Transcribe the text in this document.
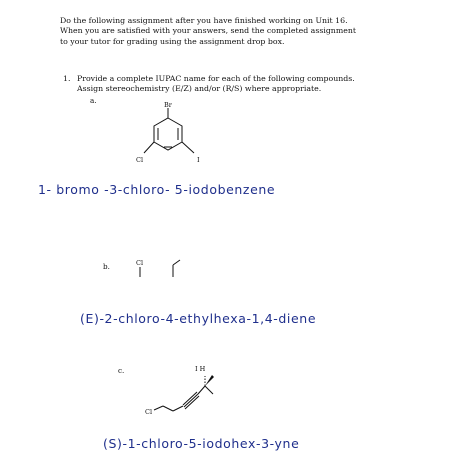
Do the following assignment after you have finished working on Unit 16.
When you are satisfied with your answers, send the completed assignment
to your tutor for grading using the assignment drop box.

1. Provide a complete IUPAC name for each of the following compounds.
Assign stereochemistry (E/Z) and/or (R/S) where appropriate.
a.	Br
Cl	I
1- bromo -3-chloro- 5-iodobenzene
b.	Cl
(E)-2-chloro-4-ethylhexa-1,4-diene
c.	I H
Cl
(S)-1-chloro-5-iodohex-3-yne
